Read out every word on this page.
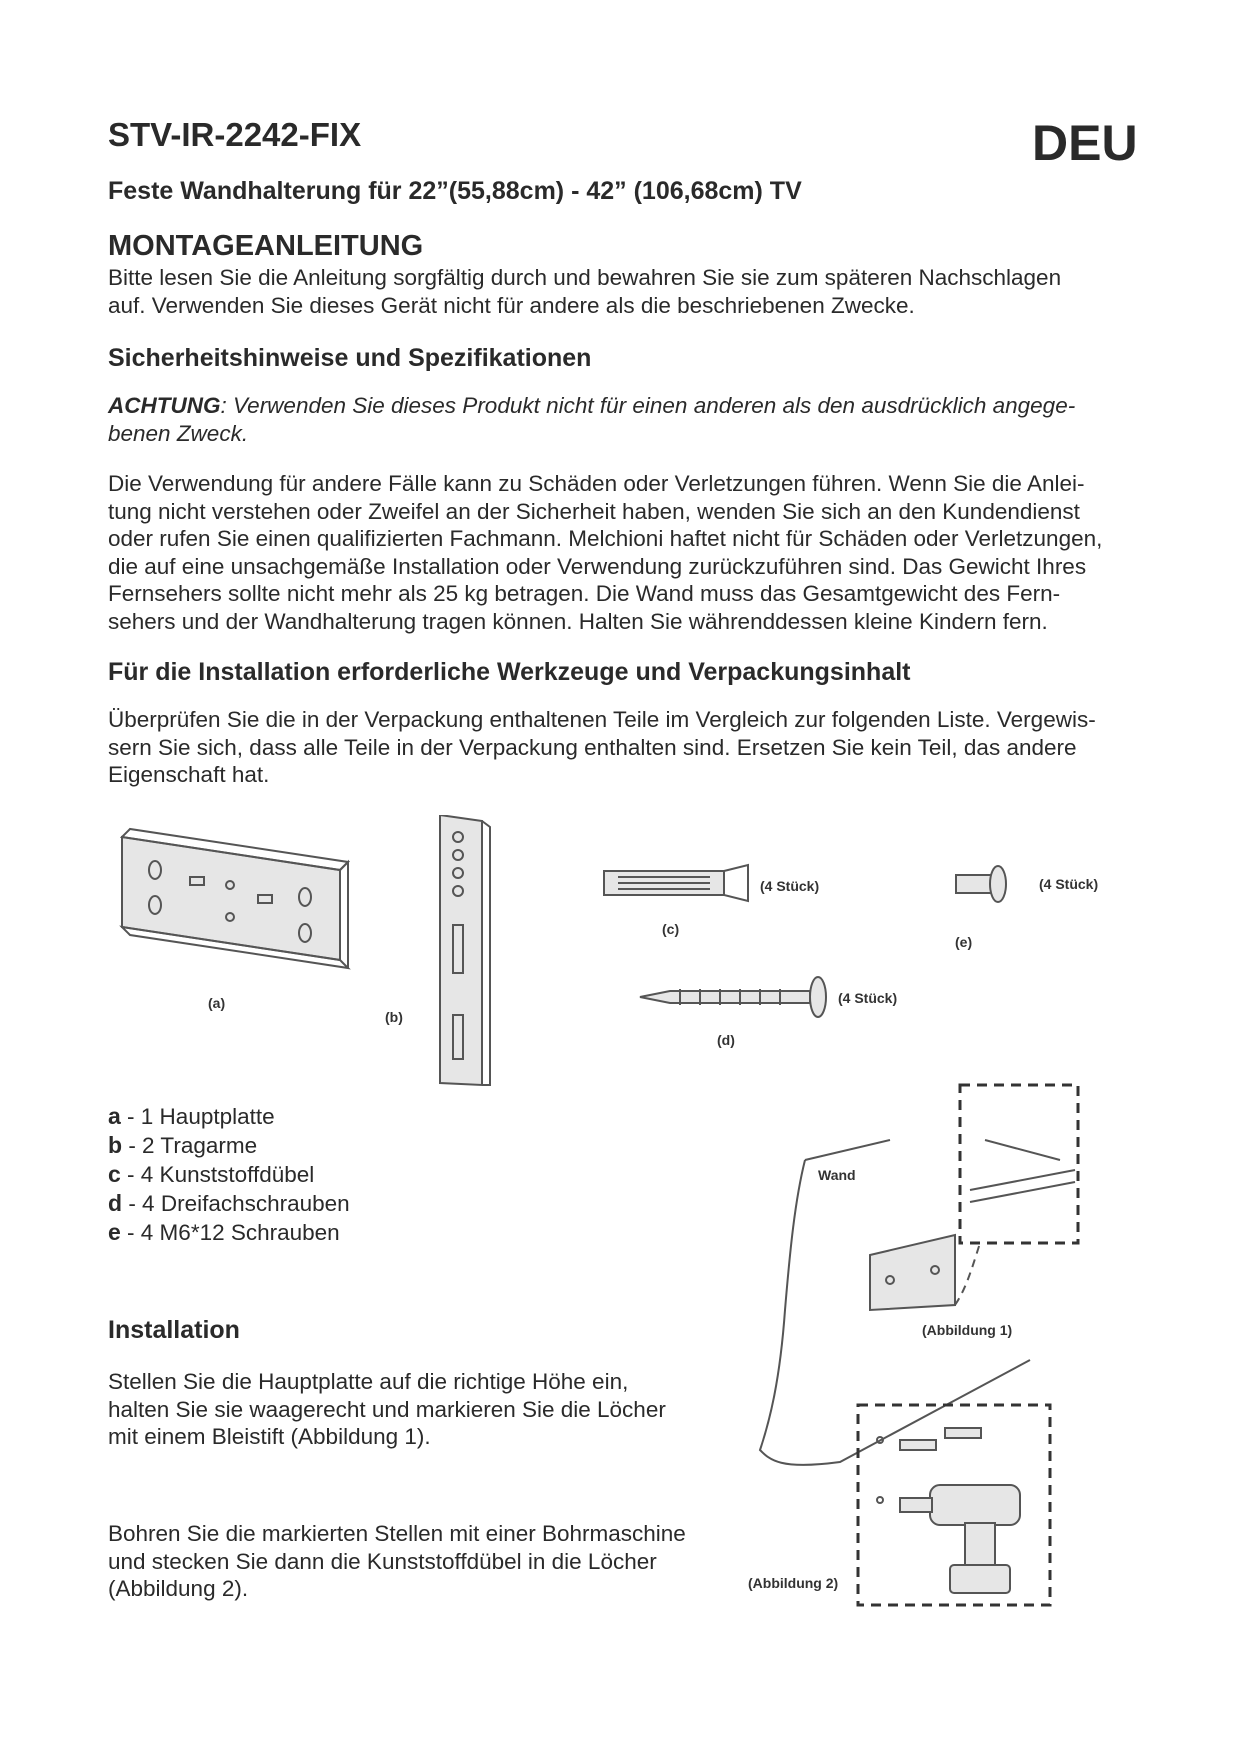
STV-IR-2242-FIX	DEU
Feste Wandhalterung für 22”(55,88cm) - 42” (106,68cm) TV
MONTAGEANLEITUNG
Bitte lesen Sie die Anleitung sorgfältig durch und bewahren Sie sie zum späteren Nachschlagen
auf. Verwenden Sie dieses Gerät nicht für andere als die beschriebenen Zwecke.
Sicherheitshinweise und Spezifikationen
ACHTUNG: Verwenden Sie dieses Produkt nicht für einen anderen als den ausdrücklich angege-
benen Zweck.
Die Verwendung für andere Fälle kann zu Schäden oder Verletzungen führen. Wenn Sie die Anlei-
tung nicht verstehen oder Zweifel an der Sicherheit haben, wenden Sie sich an den Kundendienst
oder rufen Sie einen qualifizierten Fachmann. Melchioni haftet nicht für Schäden oder Verletzungen,
die auf eine unsachgemäße Installation oder Verwendung zurückzuführen sind. Das Gewicht Ihres
Fernsehers sollte nicht mehr als 25 kg betragen. Die Wand muss das Gesamtgewicht des Fern-
sehers und der Wandhalterung tragen können. Halten Sie währenddessen kleine Kindern fern.
Für die Installation erforderliche Werkzeuge und Verpackungsinhalt
Überprüfen Sie die in der Verpackung enthaltenen Teile im Vergleich zur folgenden Liste. Vergewis-
sern Sie sich, dass alle Teile in der Verpackung enthalten sind. Ersetzen Sie kein Teil, das andere
Eigenschaft hat.
(a)
(b)
(c)
(d)
(e)
(4 Stück)
(4 Stück)
(4 Stück)
a - 1 Hauptplatte
b - 2 Tragarme
c - 4 Kunststoffdübel
d - 4 Dreifachschrauben
e - 4 M6*12 Schrauben
Installation
Stellen Sie die Hauptplatte auf die richtige Höhe ein,
halten Sie sie waagerecht und markieren Sie die Löcher
mit einem Bleistift (Abbildung 1).
Bohren Sie die markierten Stellen mit einer Bohrmaschine
und stecken Sie dann die Kunststoffdübel in die Löcher
(Abbildung 2).
Wand
(Abbildung 1)
(Abbildung 2)
